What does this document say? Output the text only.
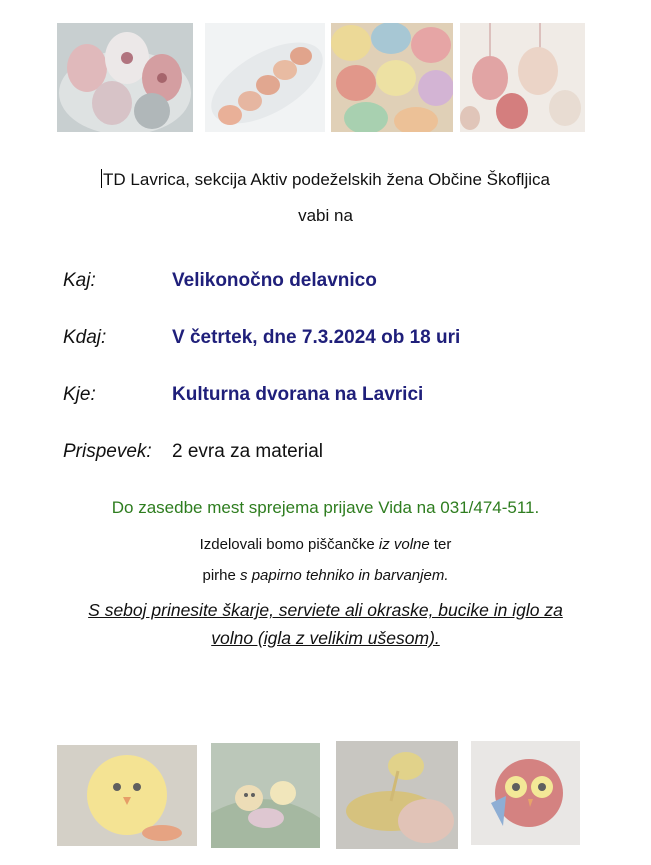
TD Lavrica, sekcija Aktiv podeželskih žena Občine Škofljica
vabi na
Kaj:	Velikonočno delavnico
Kdaj:	V četrtek, dne 7.3.2024 ob 18 uri
Kje:	Kulturna dvorana na Lavrici
Prispevek: 2 evra za material
Do zasedbe mest sprejema prijave Vida na 031/474-511.
Izdelovali bomo piščančke iz volne ter
pirhe s papirno tehniko in barvanjem.
S seboj prinesite škarje, serviete ali okraske, bucike in iglo za
volno (igla z velikim ušesom).
